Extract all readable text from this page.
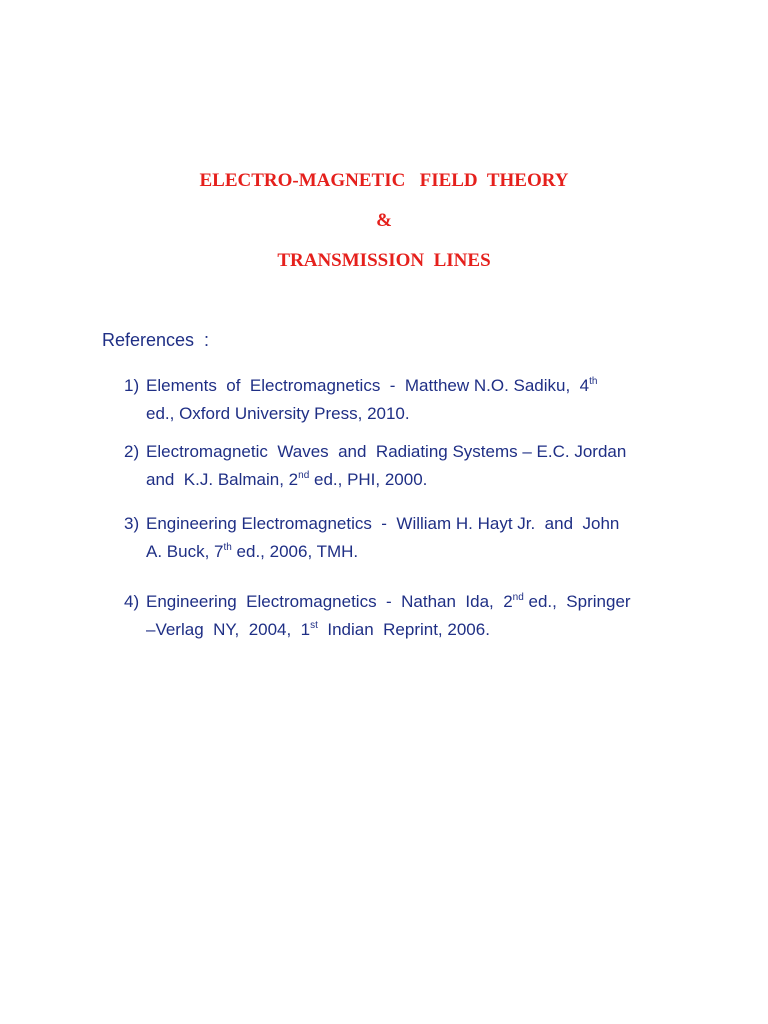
ELECTRO-MAGNETIC   FIELD  THEORY
&
TRANSMISSION  LINES
References  :
1) Elements  of  Electromagnetics  -  Matthew N.O. Sadiku,  4th
ed., Oxford University Press, 2010.
2) Electromagnetic  Waves  and  Radiating Systems – E.C. Jordan
and  K.J. Balmain, 2nd ed., PHI, 2000.
3) Engineering Electromagnetics  -  William H. Hayt Jr.  and  John
A. Buck, 7th ed., 2006, TMH.
4) Engineering  Electromagnetics  -  Nathan  Ida,  2nd ed.,  Springer
–Verlag  NY,  2004,  1st  Indian  Reprint, 2006.
